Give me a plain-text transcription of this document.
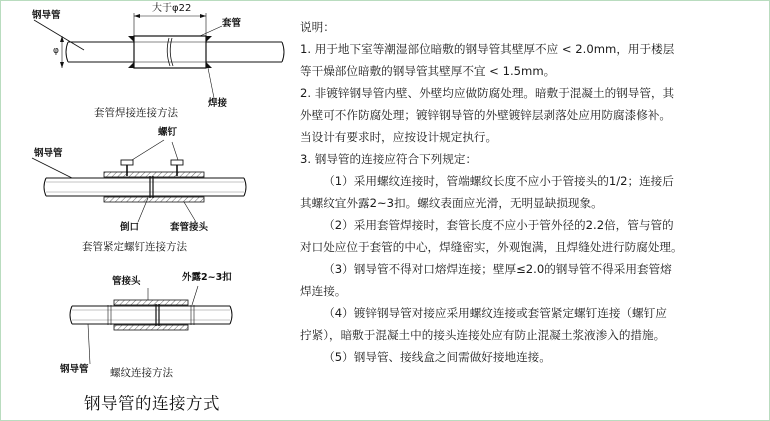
钢导管
大于φ22
套管
φ
焊接
套管焊接连接方法
螺钉
钢导管
倒口	套管接头
套管紧定螺钉连接方法
管接头	外露2~3扣
钢导管 螺纹连接方法
钢导管的连接方式

说明：

1. 用于地下室等潮湿部位暗敷的钢导管其壁厚不应 < 2.0mm，用于楼层

等干燥部位暗敷的钢导管其壁厚不宜 < 1.5mm。

2. 非镀锌钢导管内壁、外壁均应做防腐处理。暗敷于混凝土的钢导管，其

外壁可不作防腐处理；镀锌钢导管的外壁镀锌层剥落处应用防腐漆修补。

当设计有要求时，应按设计规定执行。

3. 钢导管的连接应符合下列规定：

（1）采用螺纹连接时，管端螺纹长度不应小于管接头的1/2；连接后

其螺纹宜外露2~3扣。螺纹表面应光滑，无明显缺损现象。

（2）采用套管焊接时，套管长度不应小于管外径的2.2倍，管与管的

对口处应位于套管的中心，焊缝密实，外观饱满，且焊缝处进行防腐处理。

（3）钢导管不得对口熔焊连接；壁厚≤2.0的钢导管不得采用套管熔

焊连接。

（4）镀锌钢导管对接应采用螺纹连接或套管紧定螺钉连接（螺钉应

拧紧），暗敷于混凝土中的接头连接处应有防止混凝土浆液渗入的措施。

（5）钢导管、接线盒之间需做好接地连接。
